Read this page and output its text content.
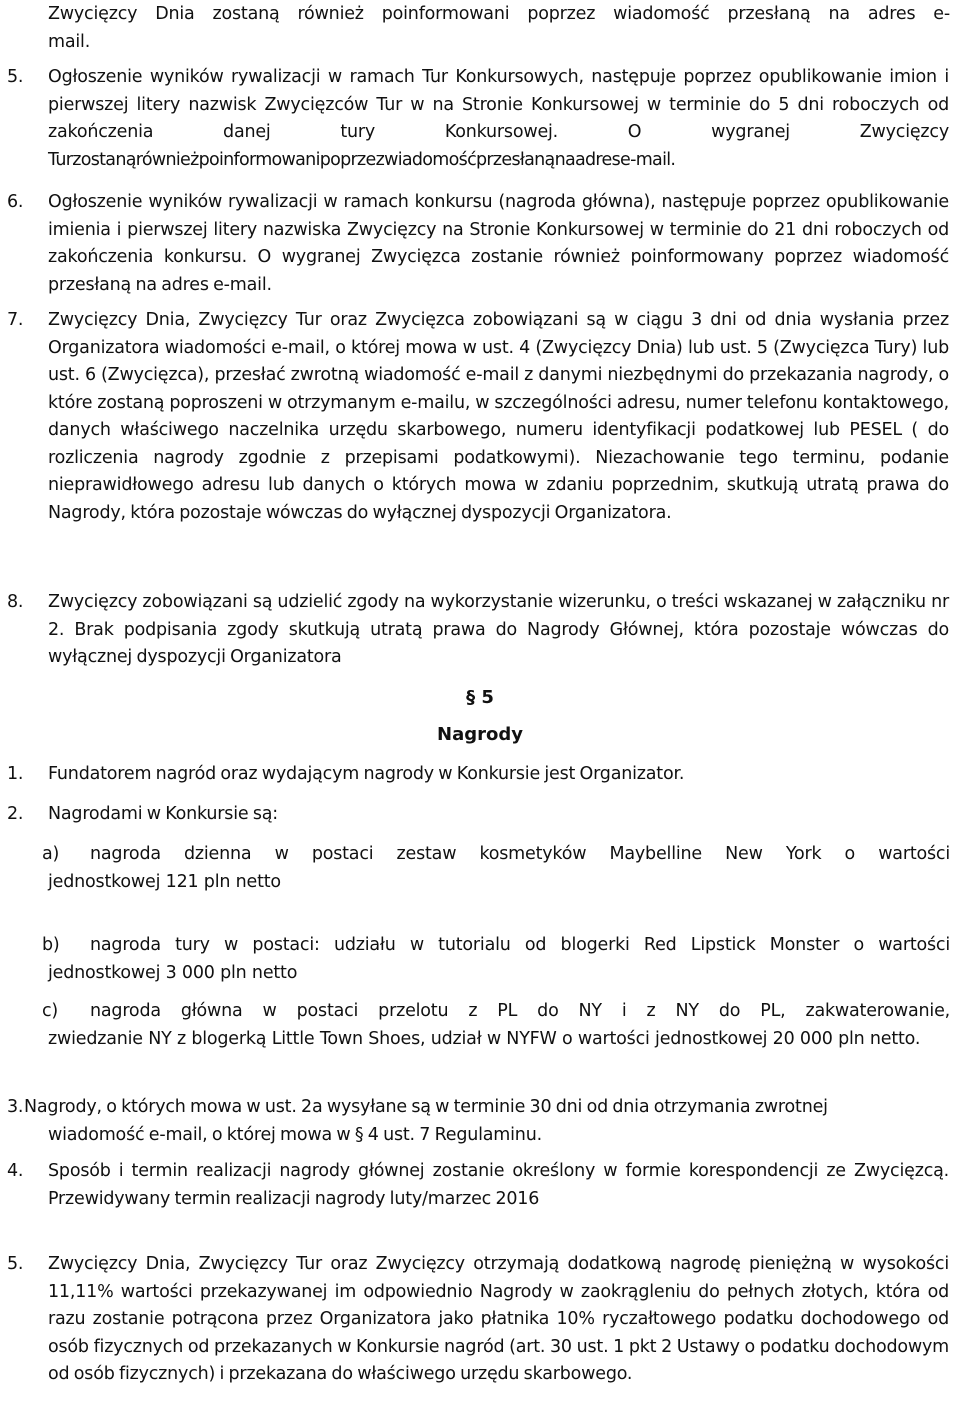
Zwycięzcy Dnia zostaną również poinformowani poprzez wiadomość przesłaną na adres e-
mail.
5. Ogłoszenie wyników rywalizacji w ramach Tur Konkursowych, następuje poprzez opublikowanie imion i pierwszej litery nazwisk Zwycięzców Tur w na Stronie Konkursowej w terminie do 5 dni roboczych od zakończenia danej tury Konkursowej. O wygranej Zwycięzcy
Turzostanąrównieżpoinformowanipoprzezwiadomośćprzesłanąnaadrese-mail.
6. Ogłoszenie wyników rywalizacji w ramach konkursu (nagroda główna), następuje poprzez opublikowanie imienia i pierwszej litery nazwiska Zwycięzcy na Stronie Konkursowej w terminie do 21 dni roboczych od zakończenia konkursu. O wygranej Zwycięzca zostanie również poinformowany poprzez wiadomość przesłaną na adres e-mail.
7. Zwycięzcy Dnia, Zwycięzcy Tur oraz Zwycięzca zobowiązani są w ciągu 3 dni od dnia wysłania przez Organizatora wiadomości e-mail, o której mowa w ust. 4 (Zwycięzcy Dnia) lub ust. 5 (Zwycięzca Tury) lub ust. 6 (Zwycięzca), przesłać zwrotną wiadomość e-mail z danymi niezbędnymi do przekazania nagrody, o które zostaną poproszeni w otrzymanym e-mailu, w szczególności adresu, numer telefonu kontaktowego, danych właściwego naczelnika urzędu skarbowego, numeru identyfikacji podatkowej lub PESEL ( do rozliczenia nagrody zgodnie z przepisami podatkowymi). Niezachowanie tego terminu, podanie nieprawidłowego adresu lub danych o których mowa w zdaniu poprzednim, skutkują utratą prawa do Nagrody, która pozostaje wówczas do wyłącznej dyspozycji Organizatora.
8. Zwycięzcy zobowiązani są udzielić zgody na wykorzystanie wizerunku, o treści wskazanej w załączniku nr 2. Brak podpisania zgody skutkują utratą prawa do Nagrody Głównej, która pozostaje wówczas do wyłącznej dyspozycji Organizatora
§ 5
Nagrody
1. Fundatorem nagród oraz wydającym nagrody w Konkursie jest Organizator.
2. Nagrodami w Konkursie są:
a) nagroda dzienna w postaci zestaw kosmetyków Maybelline New York o wartości
jednostkowej 121 pln netto
b) nagroda tury w postaci: udziału w tutorialu od blogerki Red Lipstick Monster o wartości
jednostkowej 3 000 pln netto
c) nagroda główna w postaci przelotu z PL do NY i z NY do PL, zakwaterowanie,
zwiedzanie NY z blogerką Little Town Shoes, udział w NYFW o wartości jednostkowej 20 000 pln netto.
3. Nagrody, o których mowa w ust. 2a wysyłane są w terminie 30 dni od dnia otrzymania zwrotnej
wiadomość e-mail, o której mowa w § 4 ust. 7 Regulaminu.
4. Sposób i termin realizacji nagrody głównej zostanie określony w formie korespondencji ze Zwycięzcą. Przewidywany termin realizacji nagrody luty/marzec 2016
5. Zwycięzcy Dnia, Zwycięzcy Tur oraz Zwycięzcy otrzymają dodatkową nagrodę pieniężną w wysokości 11,11% wartości przekazywanej im odpowiednio Nagrody w zaokrągleniu do pełnych złotych, która od razu zostanie potrącona przez Organizatora jako płatnika 10% ryczałtowego podatku dochodowego od osób fizycznych od przekazanych w Konkursie nagród (art. 30 ust. 1 pkt 2 Ustawy o podatku dochodowym od osób fizycznych) i przekazana do właściwego urzędu skarbowego.
